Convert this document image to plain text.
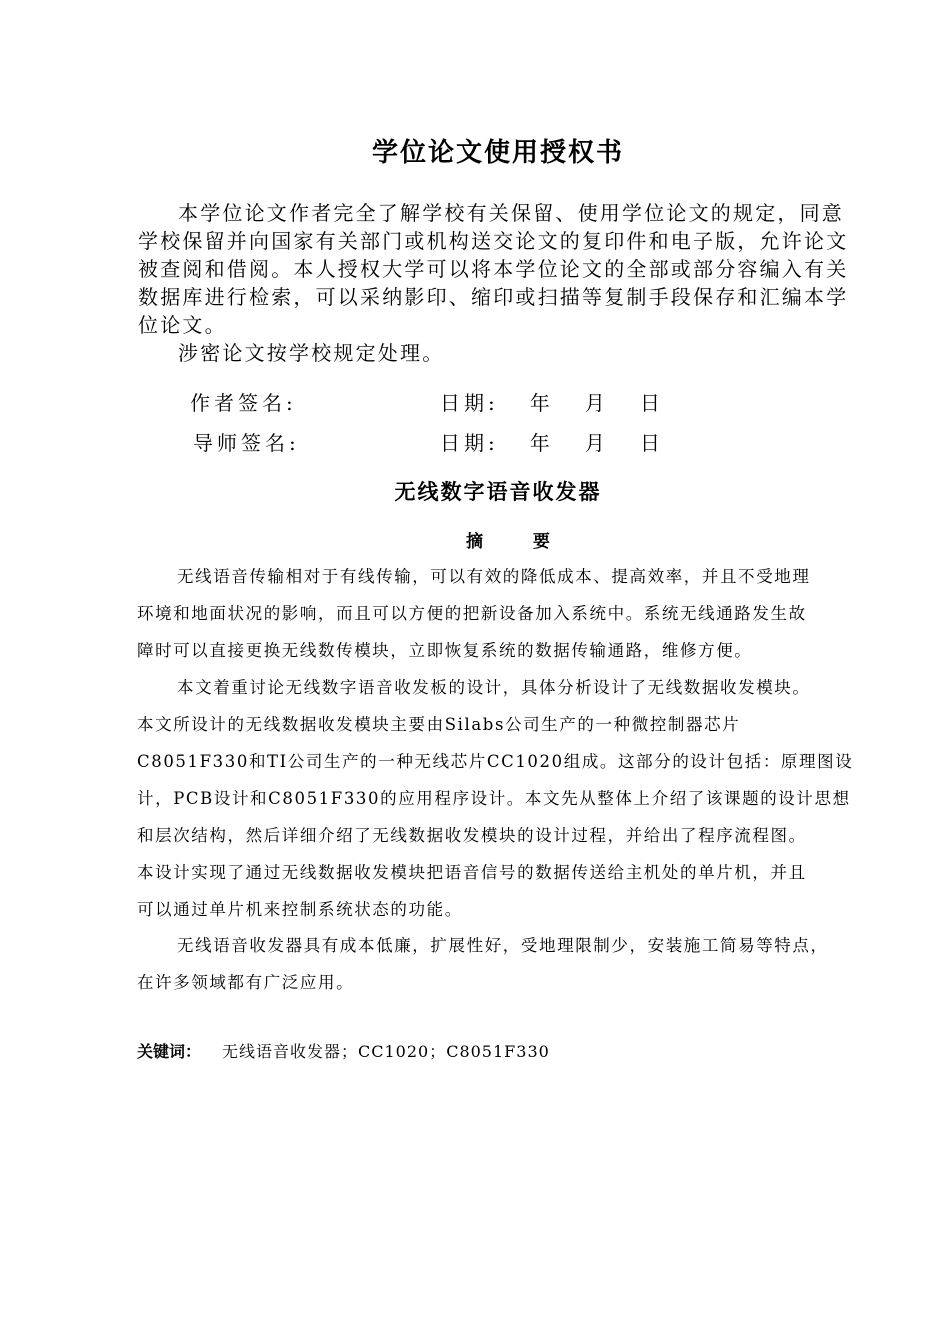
学位论文使用授权书
本学位论文作者完全了解学校有关保留、使用学位论文的规定，同意
学校保留并向国家有关部门或机构送交论文的复印件和电子版，允许论文
被查阅和借阅。本人授权大学可以将本学位论文的全部或部分容编入有关
数据库进行检索，可以采纳影印、缩印或扫描等复制手段保存和汇编本学
位论文。
涉密论文按学校规定处理。
作者签名:	日期:   年   月   日
导师签名:	日期:   年   月   日
无线数字语音收发器
摘 要
无线语音传输相对于有线传输，可以有效的降低成本、提高效率，并且不受地理
环境和地面状况的影响，而且可以方便的把新设备加入系统中。系统无线通路发生故
障时可以直接更换无线数传模块，立即恢复系统的数据传输通路，维修方便。
本文着重讨论无线数字语音收发板的设计，具体分析设计了无线数据收发模块。
本文所设计的无线数据收发模块主要由Silabs公司生产的一种微控制器芯片
C8051F330和TI公司生产的一种无线芯片CC1020组成。这部分的设计包括：原理图设
计，PCB设计和C8051F330的应用程序设计。本文先从整体上介绍了该课题的设计思想
和层次结构，然后详细介绍了无线数据收发模块的设计过程，并给出了程序流程图。
本设计实现了通过无线数据收发模块把语音信号的数据传送给主机处的单片机，并且
可以通过单片机来控制系统状态的功能。
无线语音收发器具有成本低廉，扩展性好，受地理限制少，安装施工简易等特点，
在许多领域都有广泛应用。
关键词： 无线语音收发器；CC1020；C8051F330
